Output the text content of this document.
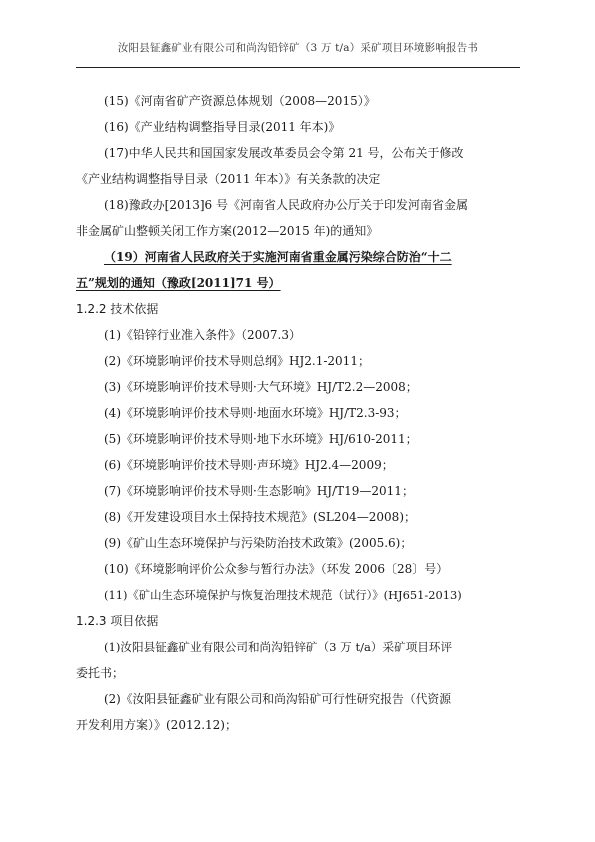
汝阳县钲鑫矿业有限公司和尚沟铅锌矿（3 万 t/a）采矿项目环境影响报告书
(15)《河南省矿产资源总体规划（2008—2015）》
(16)《产业结构调整指导目录(2011 年本)》
(17)中华人民共和国国家发展改革委员会令第 21 号，公布关于修改
《产业结构调整指导目录（2011 年本）》有关条款的决定
(18)豫政办[2013]6 号《河南省人民政府办公厅关于印发河南省金属
非金属矿山整顿关闭工作方案(2012—2015 年)的通知》
（19）河南省人民政府关于实施河南省重金属污染综合防治“十二
五”规划的通知（豫政[2011]71 号）
1.2.2 技术依据
(1)《铅锌行业准入条件》（2007.3）
(2)《环境影响评价技术导则总纲》HJ2.1-2011；
(3)《环境影响评价技术导则·大气环境》HJ/T2.2—2008；
(4)《环境影响评价技术导则·地面水环境》HJ/T2.3-93；
(5)《环境影响评价技术导则·地下水环境》HJ/610-2011；
(6)《环境影响评价技术导则·声环境》HJ2.4—2009；
(7)《环境影响评价技术导则·生态影响》HJ/T19—2011；
(8)《开发建设项目水土保持技术规范》(SL204—2008)；
(9)《矿山生态环境保护与污染防治技术政策》(2005.6)；
(10)《环境影响评价公众参与暂行办法》（环发 2006〔28〕号）
(11)《矿山生态环境保护与恢复治理技术规范（试行）》(HJ651-2013)
1.2.3 项目依据
(1)汝阳县钲鑫矿业有限公司和尚沟铅锌矿（3 万 t/a）采矿项目环评
委托书；
(2)《汝阳县钲鑫矿业有限公司和尚沟铅矿可行性研究报告（代资源
开发利用方案）》(2012.12)；
